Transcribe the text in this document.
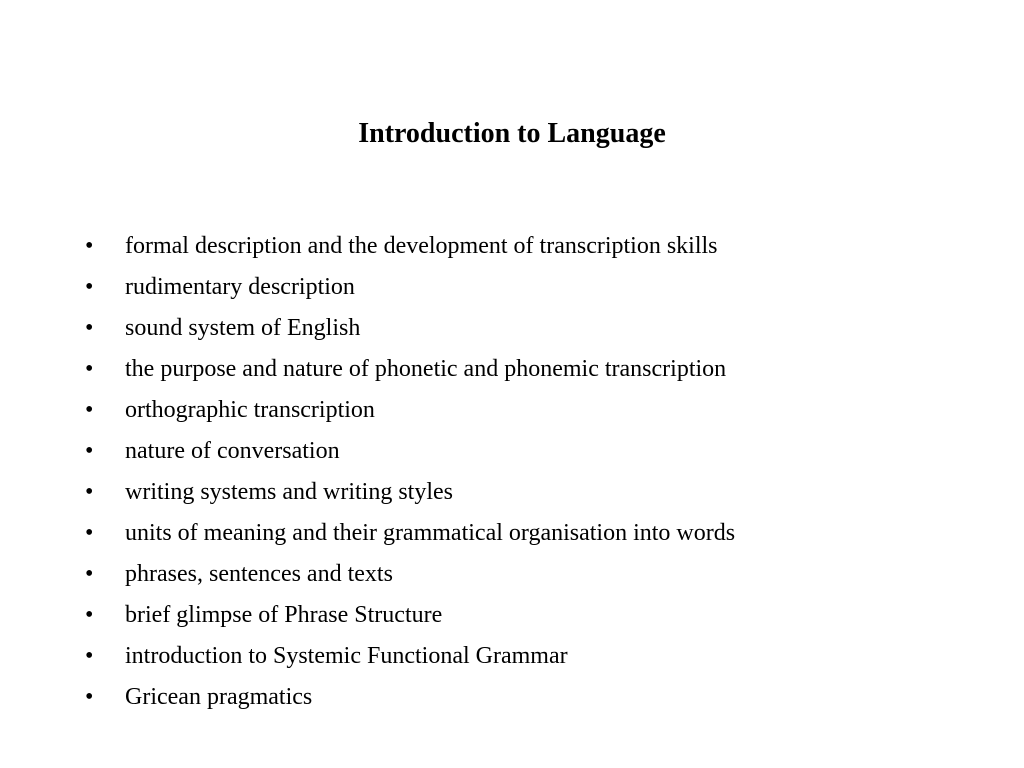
Introduction to Language
•	formal description and the development of transcription skills
•	rudimentary description
•	sound system of English
•	the purpose and nature of phonetic and phonemic transcription
•	orthographic transcription
•	nature of conversation
•	writing systems and writing styles
•	units of meaning and their grammatical organisation into words
•	phrases, sentences and texts
•	brief glimpse of Phrase Structure
•	introduction to Systemic Functional Grammar
•	Gricean pragmatics
